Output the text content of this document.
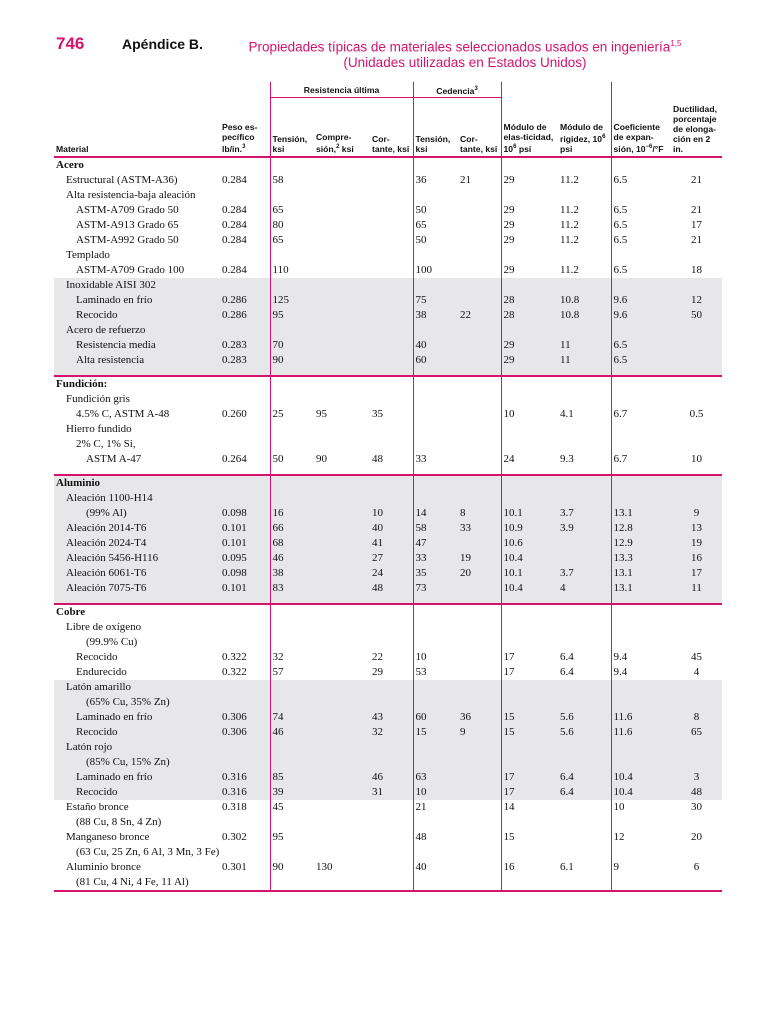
746	Apéndice B.	Propiedades típicas de materiales seleccionados usados en ingeniería$^{1,5}$
(Unidades utilizadas en Estados Unidos)
		Resistencia última			Cedencia$^3$				
Material	Peso es-pecífico lb/in.$^3$	Tensión, ksi	Compre-sión,$^2$ ksi	Cor-tante, ksi	Tensión, ksi	Cor-tante, ksi	Módulo de elas-ticidad, $10^6$ psi	Módulo de rigidez, $10^6$ psi	Coeficiente de expan-sión, $10^{-6}/^\circ F$	Ductilidad, porcentaje de elonga-ción en 2 in.
Acero										
Estructural (ASTM-A36)	0.284	58			36	21	29	11.2	6.5	21
Alta resistencia-baja aleación										
ASTM-A709 Grado 50	0.284	65			50		29	11.2	6.5	21
ASTM-A913 Grado 65	0.284	80			65		29	11.2	6.5	17
ASTM-A992 Grado 50	0.284	65			50		29	11.2	6.5	21
Templado										
ASTM-A709 Grado 100	0.284	110			100		29	11.2	6.5	18
Inoxidable AISI 302										
Laminado en frío	0.286	125			75		28	10.8	9.6	12
Recocido	0.286	95			38	22	28	10.8	9.6	50
Acero de refuerzo										
Resistencia media	0.283	70			40		29	11	6.5	
Alta resistencia	0.283	90			60		29	11	6.5	

Fundición:										
Fundición gris										
4.5% C, ASTM A-48	0.260	25	95	35			10	4.1	6.7	0.5
Hierro fundido										
2% C, 1% Si,										
ASTM A-47	0.264	50	90	48	33		24	9.3	6.7	10

Aluminio										
Aleación 1100-H14										
(99% Al)	0.098	16		10	14	8	10.1	3.7	13.1	9
Aleación 2014-T6	0.101	66		40	58	33	10.9	3.9	12.8	13
Aleación 2024-T4	0.101	68		41	47		10.6		12.9	19
Aleación 5456-H116	0.095	46		27	33	19	10.4		13.3	16
Aleación 6061-T6	0.098	38		24	35	20	10.1	3.7	13.1	17
Aleación 7075-T6	0.101	83		48	73		10.4	4	13.1	11

Cobre										
Libre de oxígeno										
(99.9% Cu)										
Recocido	0.322	32		22	10		17	6.4	9.4	45
Endurecido	0.322	57		29	53		17	6.4	9.4	4
Latón amarillo										
(65% Cu, 35% Zn)										
Laminado en frío	0.306	74		43	60	36	15	5.6	11.6	8
Recocido	0.306	46		32	15	9	15	5.6	11.6	65
Latón rojo										
(85% Cu, 15% Zn)										
Laminado en frío	0.316	85		46	63		17	6.4	10.4	3
Recocido	0.316	39		31	10		17	6.4	10.4	48
Estaño bronce	0.318	45			21		14		10	30
(88 Cu, 8 Sn, 4 Zn)										
Manganeso bronce	0.302	95			48		15		12	20
(63 Cu, 25 Zn, 6 Al, 3 Mn, 3 Fe)										
Aluminio bronce	0.301	90	130		40		16	6.1	9	6
(81 Cu, 4 Ni, 4 Fe, 11 Al)										
